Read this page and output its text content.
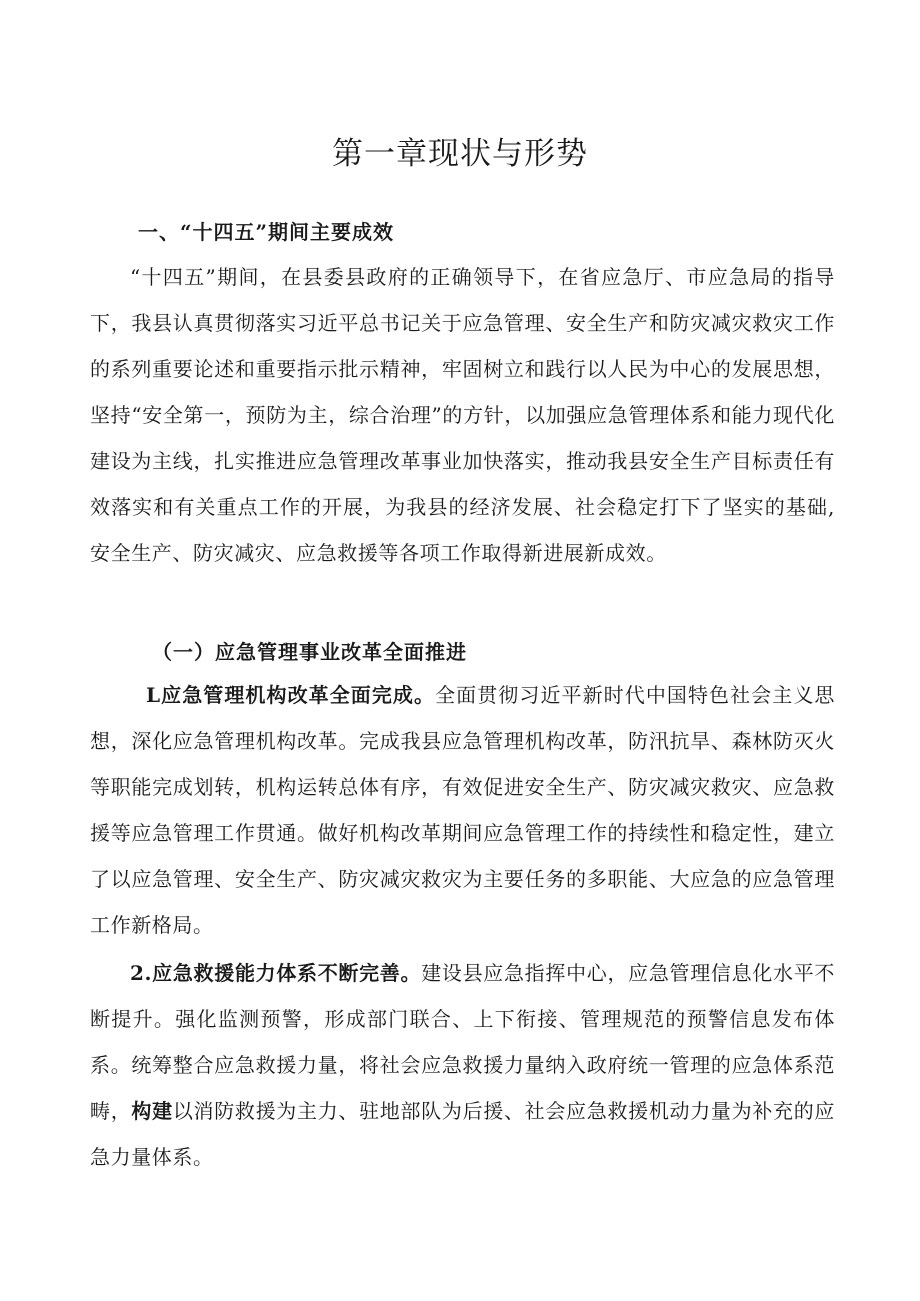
第一章现状与形势
一、“十四五”期间主要成效

“十四五”期间，在县委县政府的正确领导下，在省应急厅、市应急局的指导下，我县认真贯彻落实习近平总书记关于应急管理、安全生产和防灾减灾救灾工作的系列重要论述和重要指示批示精神，牢固树立和践行以人民为中心的发展思想，坚持“安全第一，预防为主，综合治理”的方针，以加强应急管理体系和能力现代化建设为主线，扎实推进应急管理改革事业加快落实，推动我县安全生产目标责任有效落实和有关重点工作的开展，为我县的经济发展、社会稳定打下了坚实的基础,安全生产、防灾减灾、应急救援等各项工作取得新进展新成效。

（一）应急管理事业改革全面推进

L应急管理机构改革全面完成。全面贯彻习近平新时代中国特色社会主义思想，深化应急管理机构改革。完成我县应急管理机构改革，防汛抗旱、森林防灭火等职能完成划转，机构运转总体有序，有效促进安全生产、防灾减灾救灾、应急救援等应急管理工作贯通。做好机构改革期间应急管理工作的持续性和稳定性，建立了以应急管理、安全生产、防灾减灾救灾为主要任务的多职能、大应急的应急管理工作新格局。

2.应急救援能力体系不断完善。建设县应急指挥中心，应急管理信息化水平不断提升。强化监测预警，形成部门联合、上下衔接、管理规范的预警信息发布体系。统筹整合应急救援力量，将社会应急救援力量纳入政府统一管理的应急体系范畴，构建以消防救援为主力、驻地部队为后援、社会应急救援机动力量为补充的应急力量体系。
